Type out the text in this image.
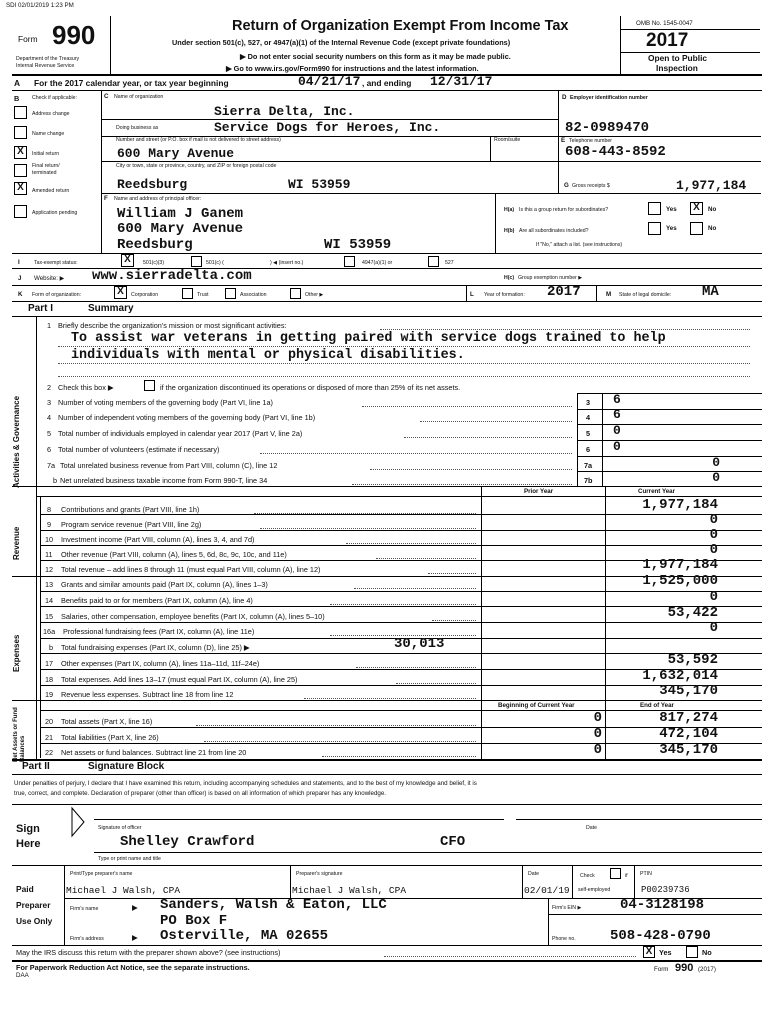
SDI 02/01/2019 1:23 PM
Form 990
Department of the Treasury
Internal Revenue Service
Return of Organization Exempt From Income Tax
Under section 501(c), 527, or 4947(a)(1) of the Internal Revenue Code (except private foundations)
▶ Do not enter social security numbers on this form as it may be made public.
▶ Go to www.irs.gov/Form990 for instructions and the latest information.
OMB No. 1545-0047
2017
Open to Public
Inspection
A For the 2017 calendar year, or tax year beginning	04/21/17 , and ending 12/31/17
B Check if applicable:
Address change
Name change
X	Initial return
Final return/
terminated
X	Amended return
Application pending
C Name of organization
Sierra Delta, Inc.
Doing business as	Service Dogs for Heroes, Inc.
Number and street (or P.O. box if mail is not delivered to street address)	Room/suite
600 Mary Avenue
City or town, state or province, country, and ZIP or foreign postal code
Reedsburg	WI 53959
F Name and address of principal officer:
William J Ganem
600 Mary Avenue
Reedsburg	WI 53959
D Employer identification number
82-0989470
E Telephone number
608-443-8592
G Gross receipts $	1,977,184
H(a) Is this a group return for subordinates?	Yes	X	No
H(b) Are all subordinates included?	Yes	No
If "No," attach a list. (see instructions)
I	Tax-exempt status:	X	501(c)(3)	501(c) (	) ◀ (insert no.)	4947(a)(1) or	527
J Website: ▶ www.sierradelta.com	H(c) Group exemption number ▶
K Form of organization:	X	Corporation	Trust	Association	Other ▶	L Year of formation: 2017	M State of legal domicile: MA
Part I	Summary
Activities & Governance
Revenue
Expenses
Net Assets or Fund Balances
1 Briefly describe the organization's mission or most significant activities:
To assist war veterans in getting paired with service dogs trained to help
individuals with mental or physical disabilities.
2 Check this box ▶	if the organization discontinued its operations or disposed of more than 25% of its net assets.
3 Number of voting members of the governing body (Part VI, line 1a)	3 6
4 Number of independent voting members of the governing body (Part VI, line 1b)	4 6
5 Total number of individuals employed in calendar year 2017 (Part V, line 2a)	5 0
6 Total number of volunteers (estimate if necessary)	6 0
7a Total unrelated business revenue from Part VIII, column (C), line 12	7a	0
b Net unrelated business taxable income from Form 990-T, line 34	7b	0
Prior Year	Current Year
8 Contributions and grants (Part VIII, line 1h)	1,977,184
9 Program service revenue (Part VIII, line 2g)	0
10 Investment income (Part VIII, column (A), lines 3, 4, and 7d)	0
11 Other revenue (Part VIII, column (A), lines 5, 6d, 8c, 9c, 10c, and 11e)	0
12 Total revenue – add lines 8 through 11 (must equal Part VIII, column (A), line 12)	1,977,184
13 Grants and similar amounts paid (Part IX, column (A), lines 1–3)	1,525,000
14 Benefits paid to or for members (Part IX, column (A), line 4)	0
15 Salaries, other compensation, employee benefits (Part IX, column (A), lines 5–10)	53,422
16a Professional fundraising fees (Part IX, column (A), line 11e)	0
b Total fundraising expenses (Part IX, column (D), line 25) ▶	30,013
17 Other expenses (Part IX, column (A), lines 11a–11d, 11f–24e)	53,592
18 Total expenses. Add lines 13–17 (must equal Part IX, column (A), line 25)	1,632,014
19 Revenue less expenses. Subtract line 18 from line 12	345,170
Beginning of Current Year	End of Year
20 Total assets (Part X, line 16)	0	817,274
21 Total liabilities (Part X, line 26)	0	472,104
22 Net assets or fund balances. Subtract line 21 from line 20	0	345,170
Part II	Signature Block
Under penalties of perjury, I declare that I have examined this return, including accompanying schedules and statements, and to the best of my knowledge and belief, it is
true, correct, and complete. Declaration of preparer (other than officer) is based on all information of which preparer has any knowledge.
Sign
Here
Signature of officer	Date
Shelley Crawford	CFO
Type or print name and title
Paid
Preparer
Use Only
Print/Type preparer's name	Preparer's signature	Date	Check	if PTIN
Michael J Walsh, CPA	Michael J Walsh, CPA	02/01/19 self-employed	P00239736
Firm's name	▶ Sanders, Walsh & Eaton, LLC	Firm's EIN ▶	04-3128198
PO Box F
Firm's address	▶ Osterville, MA 02655	Phone no. 508-428-0790
May the IRS discuss this return with the preparer shown above? (see instructions)	X Yes	No
For Paperwork Reduction Act Notice, see the separate instructions.
DAA
Form 990 (2017)
